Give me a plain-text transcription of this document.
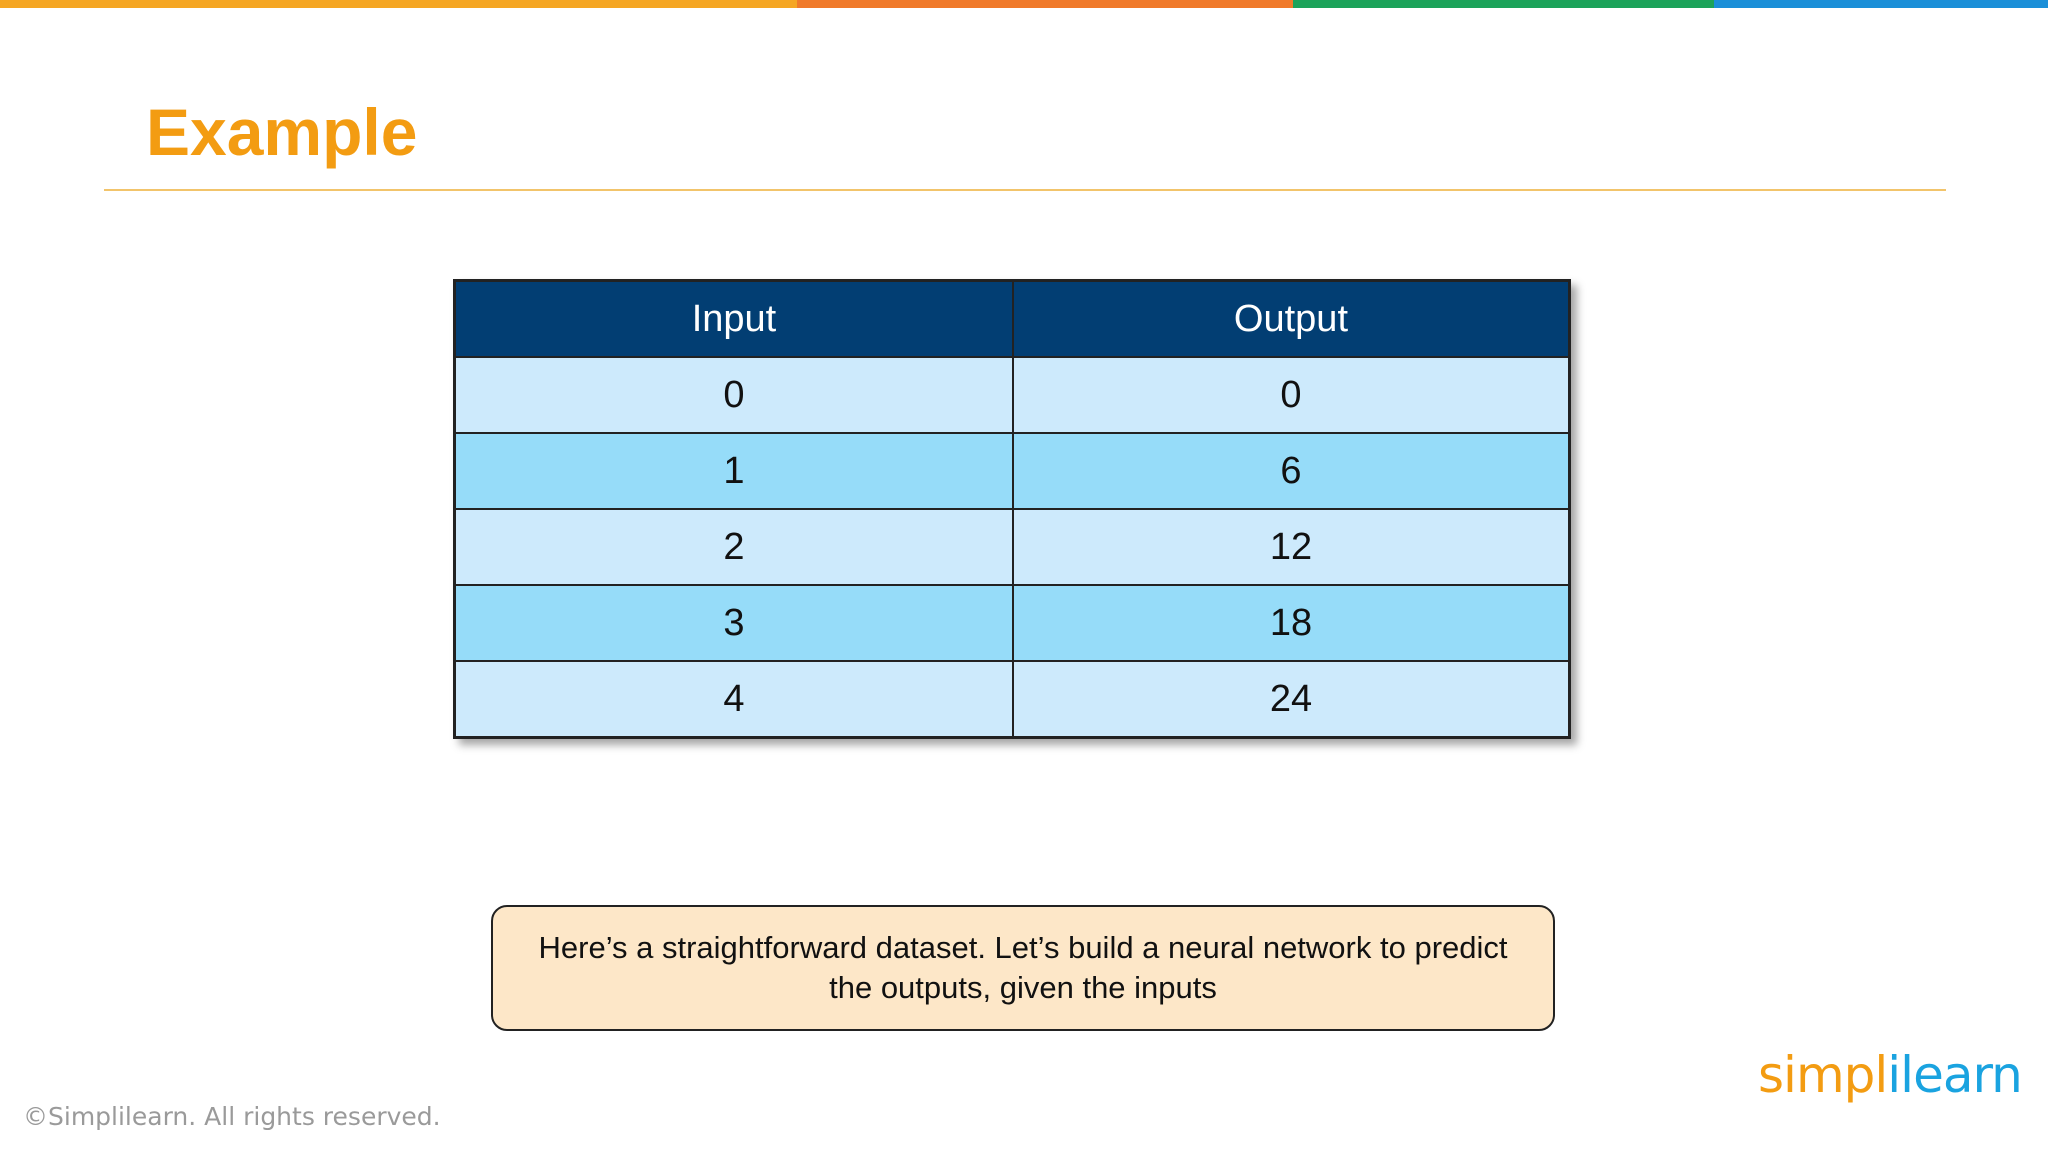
Example
Input	Output
0	0
1	6
2	12
3	18
4	24
Here’s a straightforward dataset. Let’s build a neural network to predict the outputs, given the inputs
©Simplilearn. All rights reserved.
simplilearn
